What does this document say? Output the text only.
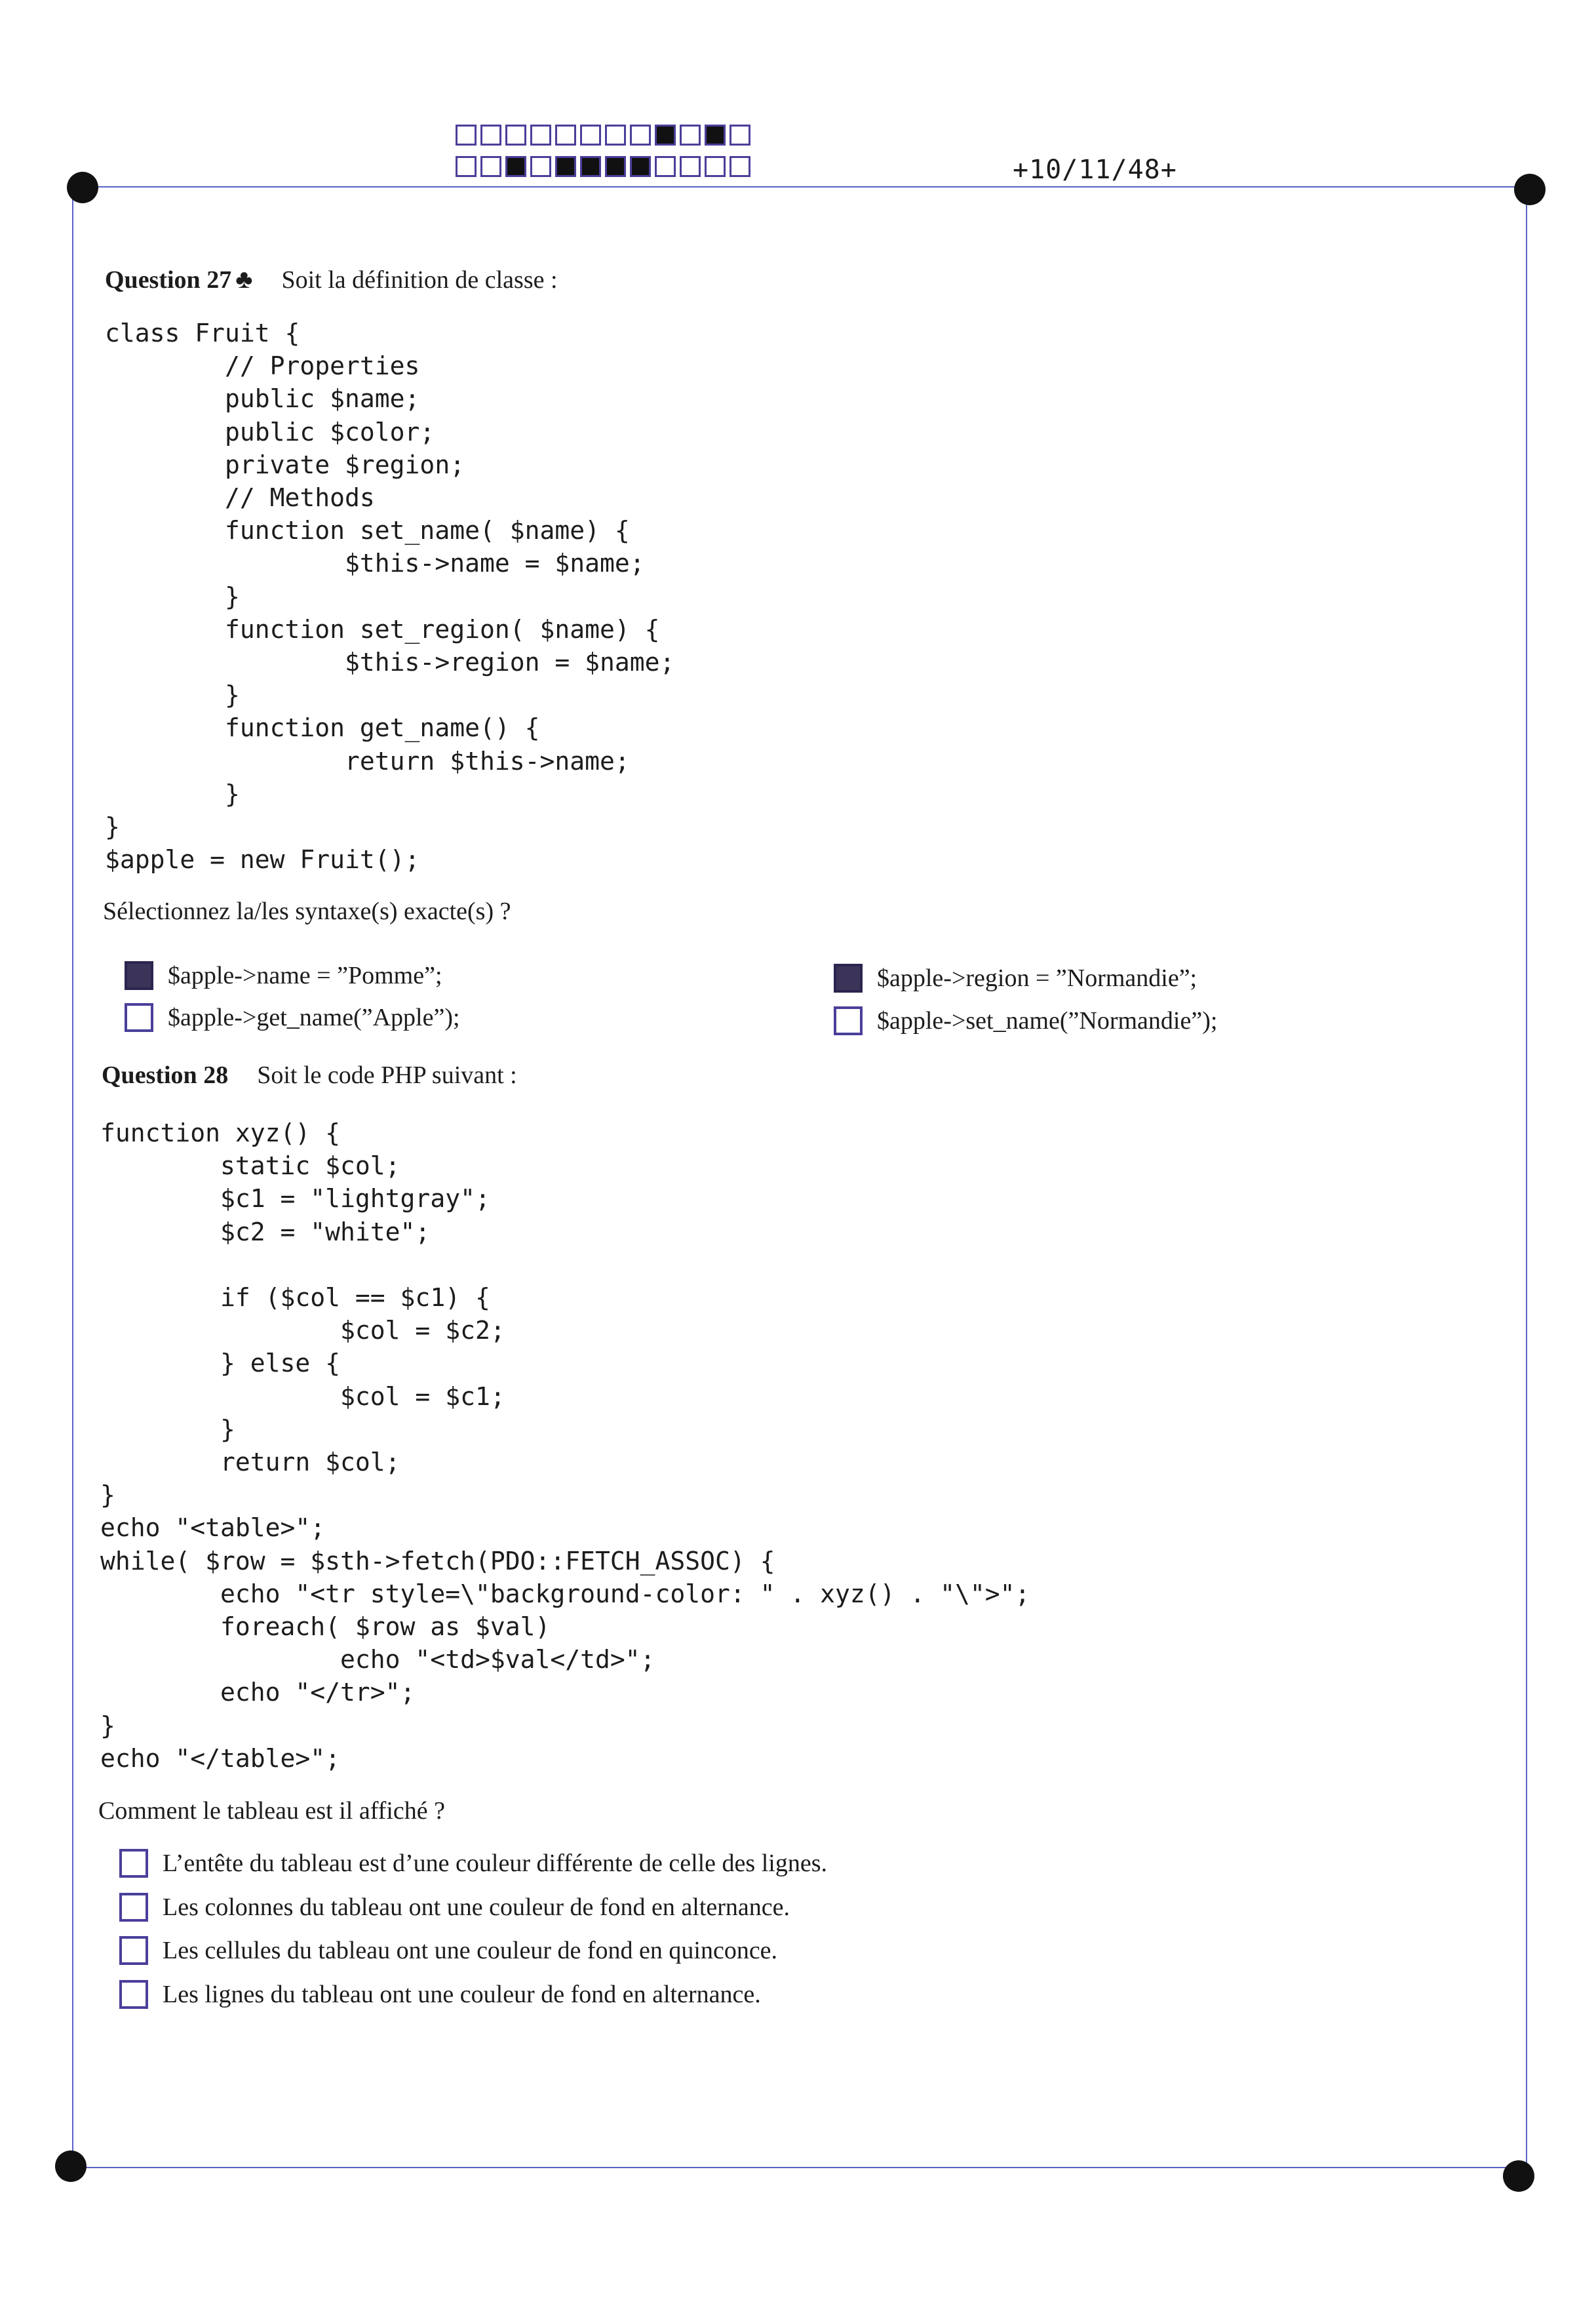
+10/11/48+
Question 27 ♣ Soit la définition de classe :
class Fruit {
// Properties
public $name;
public $color;
private $region;
// Methods
function set_name( $name) {
$this->name = $name;
}
function set_region( $name) {
$this->region = $name;
}
function get_name() {
return $this->name;
}
}
$apple = new Fruit();
Sélectionnez la/les syntaxe(s) exacte(s) ?
$apple->name = ”Pomme”;	$apple->region = ”Normandie”;
$apple->get_name(”Apple”);	$apple->set_name(”Normandie”);
Question 28 Soit le code PHP suivant :
function xyz() {
static $col;
$c1 = "lightgray";
$c2 = "white";

if ($col == $c1) {
$col = $c2;
} else {
$col = $c1;
}
return $col;
}
echo "<table>";
while( $row = $sth->fetch(PDO::FETCH_ASSOC) {
echo "<tr style=\"background-color: " . xyz() . "\">";
foreach( $row as $val)
echo "<td>$val</td>";
echo "</tr>";
}
echo "</table>";
Comment le tableau est il affiché ?
L’entête du tableau est d’une couleur différente de celle des lignes.
Les colonnes du tableau ont une couleur de fond en alternance.
Les cellules du tableau ont une couleur de fond en quinconce.
Les lignes du tableau ont une couleur de fond en alternance.
